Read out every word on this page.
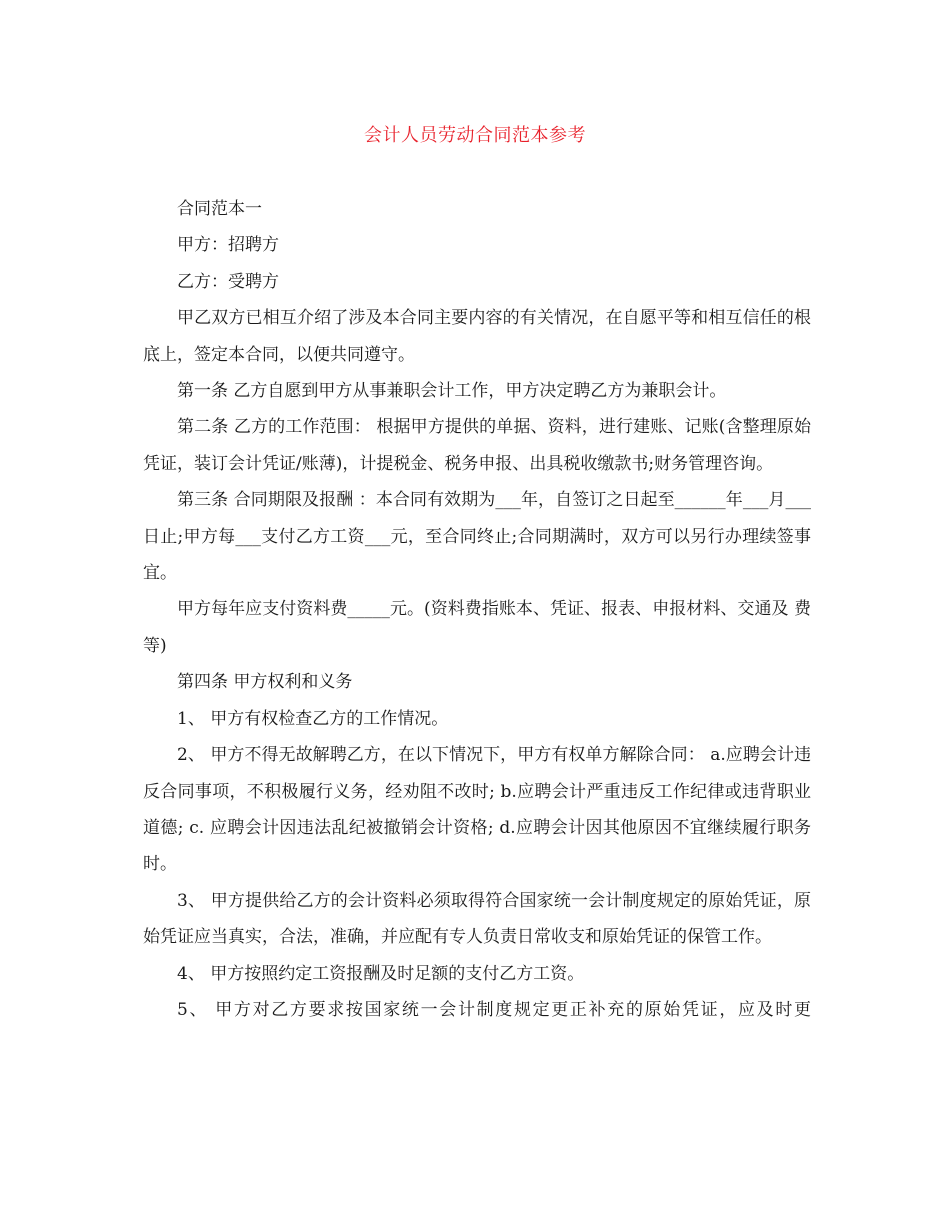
会计人员劳动合同范本参考

合同范本一

甲方：招聘方

乙方：受聘方

甲乙双方已相互介绍了涉及本合同主要内容的有关情况，在自愿平等和相互信任的根底上，签定本合同，以便共同遵守。

第一条 乙方自愿到甲方从事兼职会计工作，甲方决定聘乙方为兼职会计。

第二条 乙方的工作范围： 根据甲方提供的单据、资料，进行建账、记账(含整理原始凭证，装订会计凭证/账薄)，计提税金、税务申报、出具税收缴款书;财务管理咨询。

第三条 合同期限及报酬 ：本合同有效期为___年，自签订之日起至______年___月___日止;甲方每___支付乙方工资___元，至合同终止;合同期满时，双方可以另行办理续签事宜。

甲方每年应支付资料费_____元。(资料费指账本、凭证、报表、申报材料、交通及 费等)

第四条 甲方权利和义务

1、 甲方有权检查乙方的工作情况。

2、 甲方不得无故解聘乙方，在以下情况下，甲方有权单方解除合同： a.应聘会计违反合同事项，不积极履行义务，经劝阻不改时; b.应聘会计严重违反工作纪律或违背职业道德; c. 应聘会计因违法乱纪被撤销会计资格; d.应聘会计因其他原因不宜继续履行职务时。

3、 甲方提供给乙方的会计资料必须取得符合国家统一会计制度规定的原始凭证，原始凭证应当真实，合法，准确，并应配有专人负责日常收支和原始凭证的保管工作。

4、 甲方按照约定工资报酬及时足额的支付乙方工资。

5、 甲方对乙方要求按国家统一会计制度规定更正补充的原始凭证，应及时更
